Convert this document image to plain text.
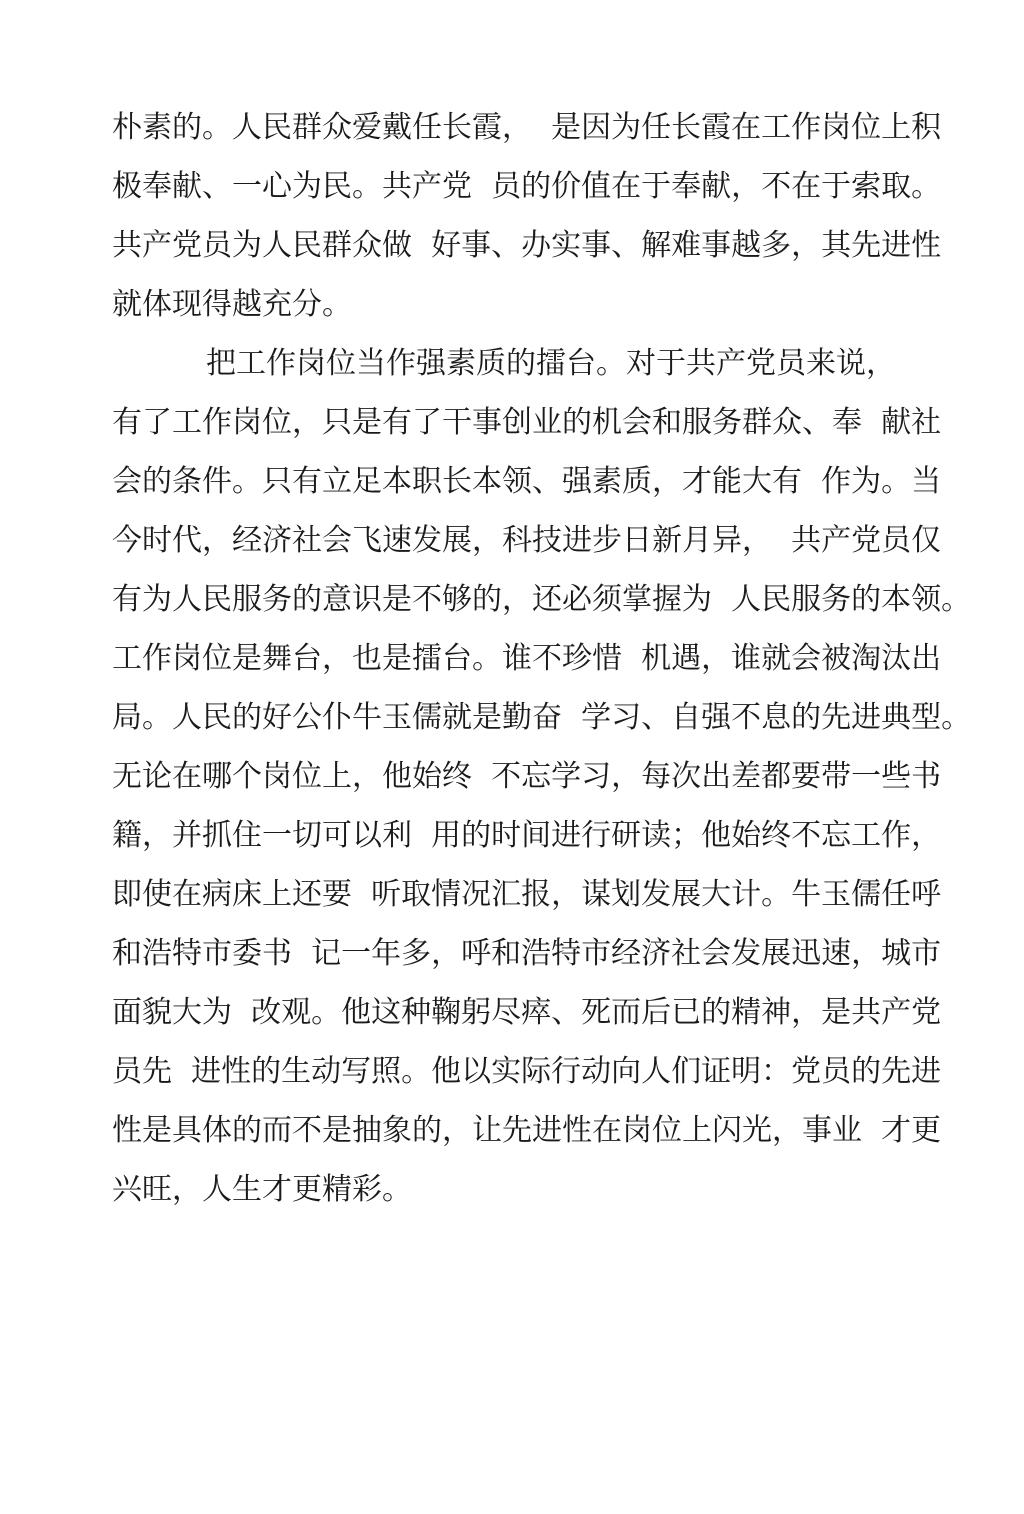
朴素的。人民群众爱戴任长霞，  是因为任长霞在工作岗位上积
极奉献、一心为民。共产党  员的价值在于奉献，不在于索取。
共产党员为人民群众做  好事、办实事、解难事越多，其先进性
就体现得越充分。
把工作岗位当作强素质的擂台。对于共产党员来说，
有了工作岗位，只是有了干事创业的机会和服务群众、奉  献社
会的条件。只有立足本职长本领、强素质，才能大有  作为。当
今时代，经济社会飞速发展，科技进步日新月异，  共产党员仅
有为人民服务的意识是不够的，还必须掌握为  人民服务的本领。
工作岗位是舞台，也是擂台。谁不珍惜  机遇，谁就会被淘汰出
局。人民的好公仆牛玉儒就是勤奋  学习、自强不息的先进典型。
无论在哪个岗位上，他始终  不忘学习，每次出差都要带一些书
籍，并抓住一切可以利  用的时间进行研读；他始终不忘工作，
即使在病床上还要  听取情况汇报，谋划发展大计。牛玉儒任呼
和浩特市委书  记一年多，呼和浩特市经济社会发展迅速，城市
面貌大为  改观。他这种鞠躬尽瘁、死而后已的精神，是共产党
员先  进性的生动写照。他以实际行动向人们证明：党员的先进
性是具体的而不是抽象的，让先进性在岗位上闪光，事业  才更
兴旺，人生才更精彩。
